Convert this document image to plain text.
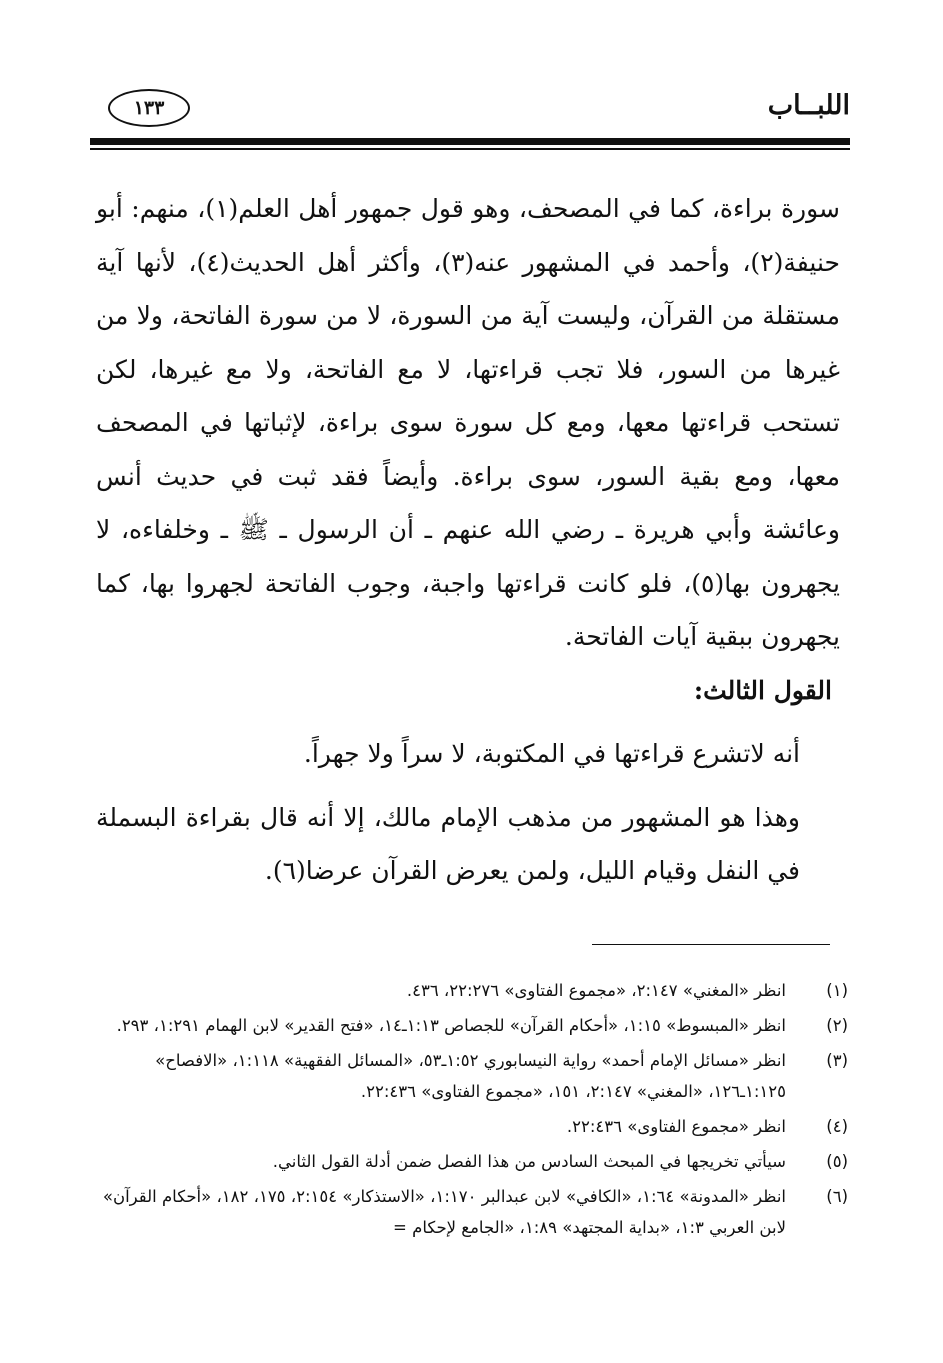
اللبــاب
١٣٣

سورة براءة، كما في المصحف، وهو قول جمهور أهل العلم(١)، منهم: أبو حنيفة(٢)، وأحمد في المشهور عنه(٣)، وأكثر أهل الحديث(٤)، لأنها آية مستقلة من القرآن، وليست آية من السورة، لا من سورة الفاتحة، ولا من غيرها من السور، فلا تجب قراءتها، لا مع الفاتحة، ولا مع غيرها، لكن تستحب قراءتها معها، ومع كل سورة سوى براءة، لإثباتها في المصحف معها، ومع بقية السور، سوى براءة. وأيضاً فقد ثبت في حديث أنس وعائشة وأبي هريرة ـ رضي الله عنهم ـ أن الرسول ـ ﷺ ـ وخلفاءه، لا يجهرون بها(٥)، فلو كانت قراءتها واجبة، وجوب الفاتحة لجهروا بها، كما يجهرون ببقية آيات الفاتحة.

القول الثالث:

أنه لاتشرع قراءتها في المكتوبة، لا سراً ولا جهراً.

وهذا هو المشهور من مذهب الإمام مالك، إلا أنه قال بقراءة البسملة في النفل وقيام الليل، ولمن يعرض القرآن عرضا(٦).

(١)
انظر «المغني» ٢:١٤٧، «مجموع الفتاوى» ٢٢:٢٧٦، ٤٣٦.
(٢)
انظر «المبسوط» ١:١٥، «أحكام القرآن» للجصاص ١:١٣ـ١٤، «فتح القدير» لابن الهمام ١:٢٩١، ٢٩٣.
(٣)
انظر «مسائل الإمام أحمد» رواية النيسابوري ١:٥٢ـ٥٣، «المسائل الفقهية» ١:١١٨، «الافصاح» ١:١٢٥ـ١٢٦، «المغني» ٢:١٤٧، ١٥١، «مجموع الفتاوى» ٢٢:٤٣٦.
(٤)
انظر «مجموع الفتاوى» ٢٢:٤٣٦.
(٥)
سيأتي تخريجها في المبحث السادس من هذا الفصل ضمن أدلة القول الثاني.
(٦)
انظر «المدونة» ١:٦٤، «الكافي» لابن عبدالبر ١:١٧٠، «الاستذكار» ٢:١٥٤، ١٧٥، ١٨٢، «أحكام القرآن» لابن العربي ١:٣، «بداية المجتهد» ١:٨٩، «الجامع لإحكام =
